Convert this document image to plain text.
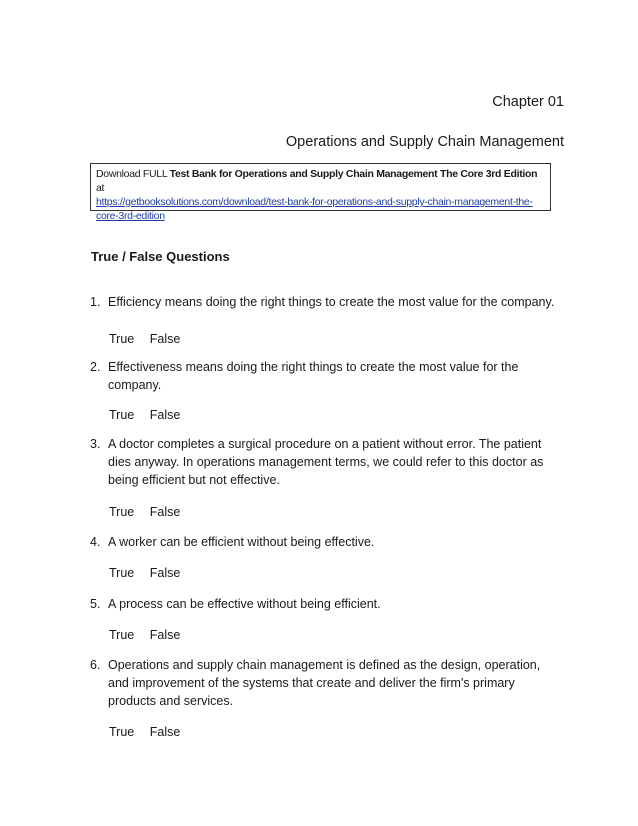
Chapter 01
Operations and Supply Chain Management
Download FULL Test Bank for Operations and Supply Chain Management The Core 3rd Edition at
https://getbooksolutions.com/download/test-bank-for-operations-and-supply-chain-management-the-core-3rd-edition
True / False Questions
1. Efficiency means doing the right things to create the most value for the company.

True False
2. Effectiveness means doing the right things to create the most value for the company.

True False
3. A doctor completes a surgical procedure on a patient without error. The patient dies anyway. In operations management terms, we could refer to this doctor as being efficient but not effective.

True False
4. A worker can be efficient without being effective.

True False
5. A process can be effective without being efficient.

True False
6. Operations and supply chain management is defined as the design, operation, and improvement of the systems that create and deliver the firm's primary products and services.

True False
